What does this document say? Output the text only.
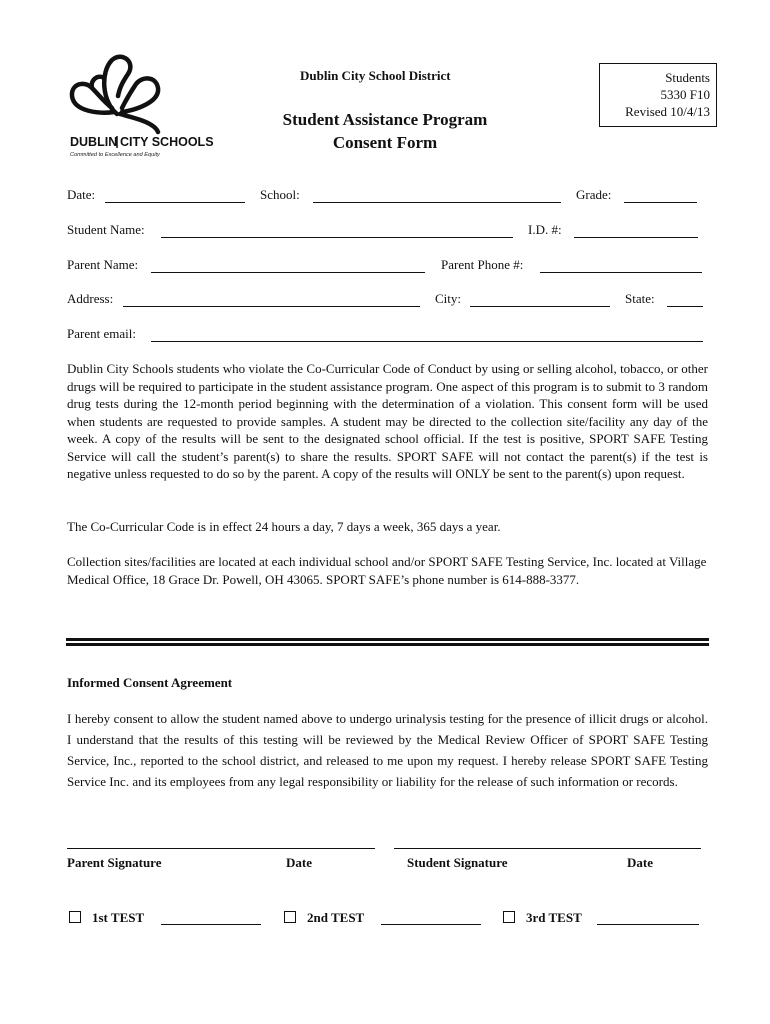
DUBLIN CITY SCHOOLS
Committed to Excellence and Equity
Dublin City School District
Student Assistance Program
Consent Form
Students
5330 F10
Revised 10/4/13
Date:	School:	Grade:
Student Name:	I.D. #:
Parent Name:	Parent Phone #:
Address:	City:	State:
Parent email:

Dublin City Schools students who violate the Co-Curricular Code of Conduct by using or selling alcohol, tobacco, or other drugs will be required to participate in the student assistance program. One aspect of this program is to submit to 3 random drug tests during the 12-month period beginning with the determination of a violation. This consent form will be used when students are requested to provide samples. A student may be directed to the collection site/facility any day of the week. A copy of the results will be sent to the designated school official. If the test is positive, SPORT SAFE Testing Service will call the student’s parent(s) to share the results. SPORT SAFE will not contact the parent(s) if the test is negative unless requested to do so by the parent. A copy of the results will ONLY be sent to the parent(s) upon request.

The Co-Curricular Code is in effect 24 hours a day, 7 days a week, 365 days a year.

Collection sites/facilities are located at each individual school and/or SPORT SAFE Testing Service, Inc. located at Village Medical Office, 18 Grace Dr. Powell, OH 43065. SPORT SAFE’s phone number is 614-888-3377.

Informed Consent Agreement

I hereby consent to allow the student named above to undergo urinalysis testing for the presence of illicit drugs or alcohol. I understand that the results of this testing will be reviewed by the Medical Review Officer of SPORT SAFE Testing Service, Inc., reported to the school district, and released to me upon my request. I hereby release SPORT SAFE Testing Service Inc. and its employees from any legal responsibility or liability for the release of such information or records.

Parent Signature	Date	Student Signature	Date
1st TEST	2nd TEST	3rd TEST
